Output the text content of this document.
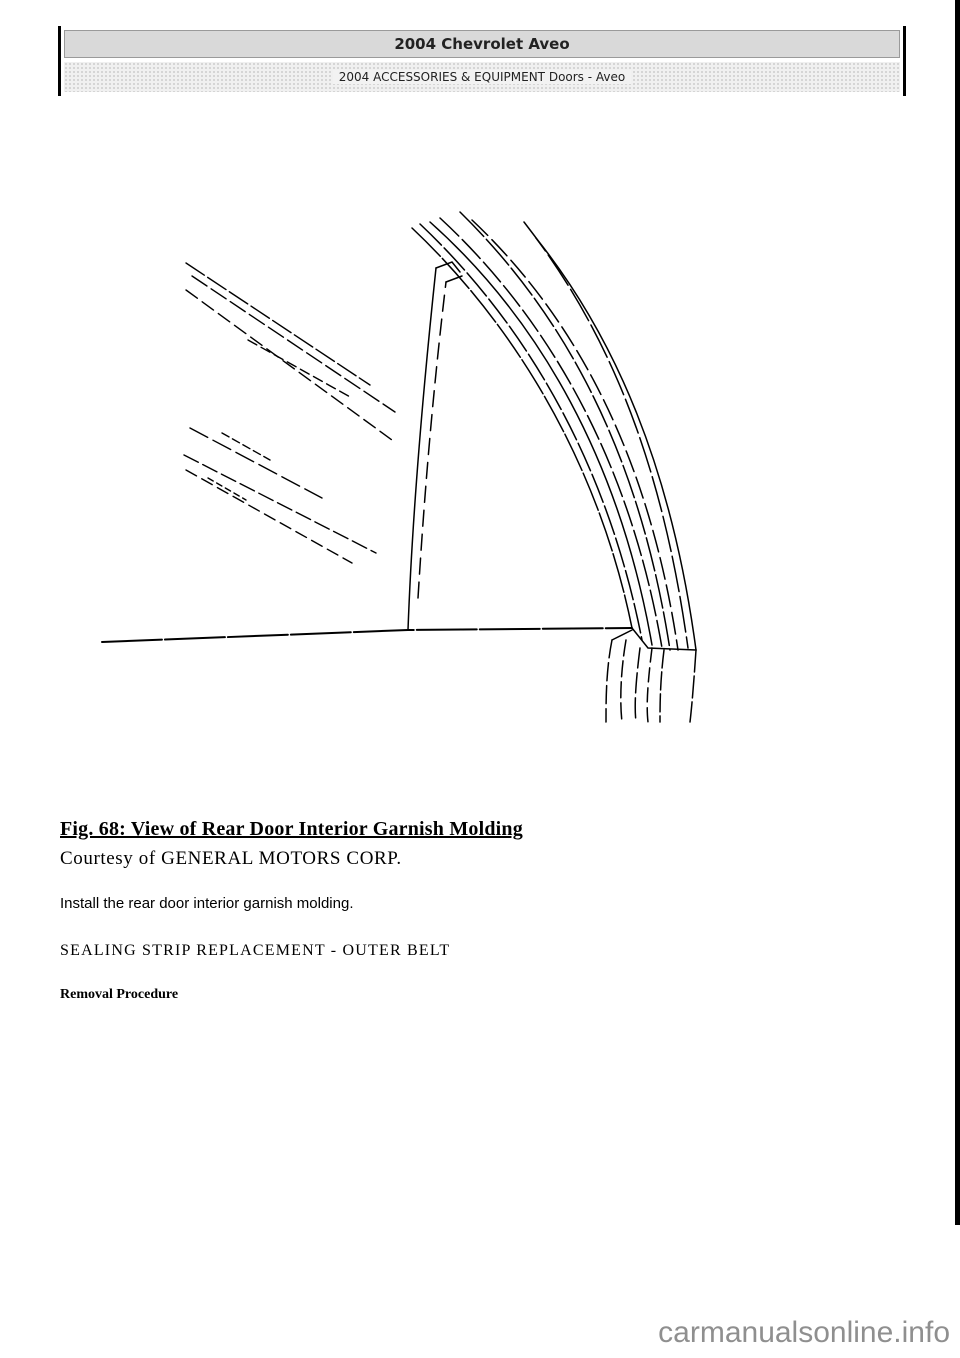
2004 Chevrolet Aveo
2004 ACCESSORIES & EQUIPMENT Doors - Aveo
Fig. 68: View of Rear Door Interior Garnish Molding
Courtesy of GENERAL MOTORS CORP.
Install the rear door interior garnish molding.
SEALING STRIP REPLACEMENT - OUTER BELT
Removal Procedure
carmanualsonline.info
